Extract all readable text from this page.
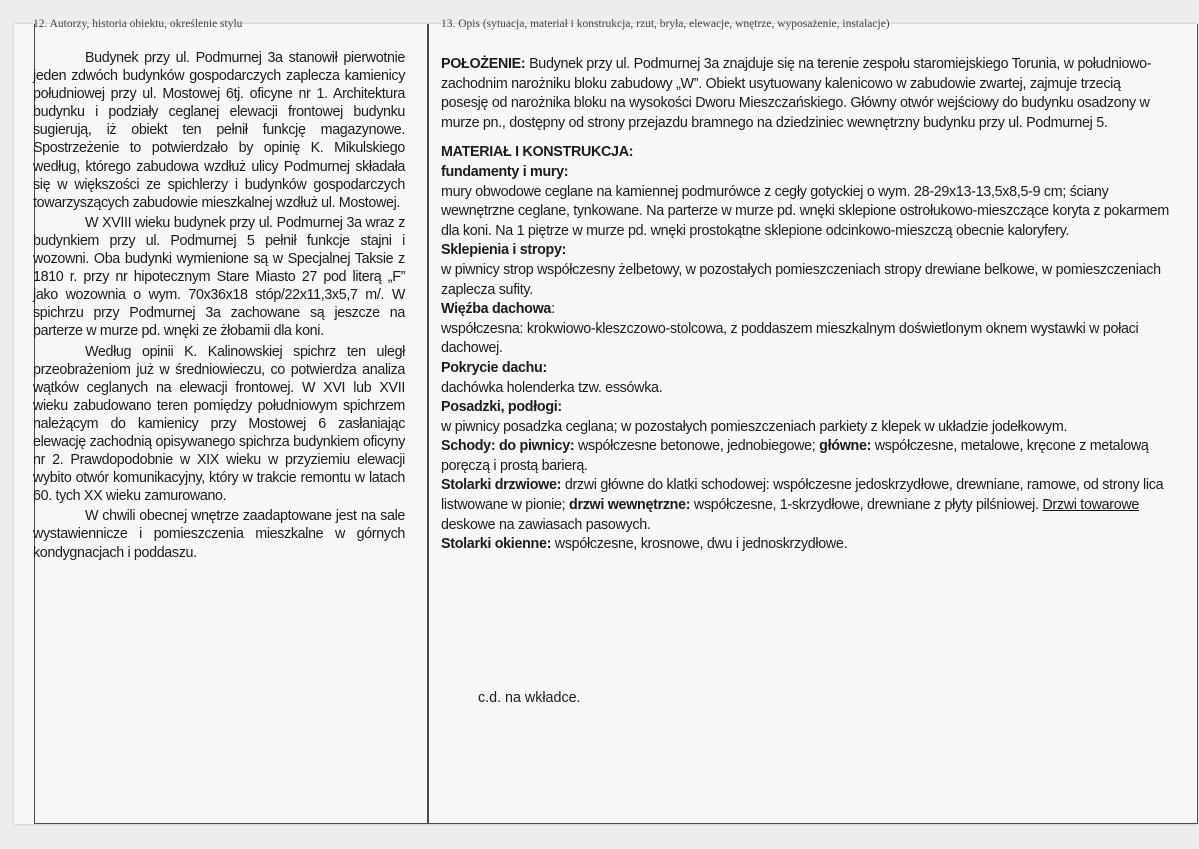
12. Autorzy, historia obiektu, określenie stylu	13. Opis (sytuacja, materiał i konstrukcja, rzut, bryła, elewacje, wnętrze, wyposażenie, instalacje)

Budynek przy ul. Podmurnej 3a stanowił pierwotnie jeden zdwóch budynków gospodarczych zaplecza kamienicy południowej przy ul. Mostowej 6tj. oficyne nr 1. Architektura budynku i podziały ceglanej elewacji frontowej budynku sugierują, iż obiekt ten pełnił funkcję magazynowe. Spostrzeżenie to potwierdzało by opinię K. Mikulskiego według, którego zabudowa wzdłuż ulicy Podmurnej składała się w większości ze spichlerzy i budynków gospodarczych towarzyszących zabudowie mieszkalnej wzdłuż ul. Mostowej.

W XVIII wieku budynek przy ul. Podmurnej 3a wraz z budynkiem przy ul. Podmurnej 5 pełnił funkcje stajni i wozowni. Oba budynki wymienione są w Specjalnej Taksie z 1810 r. przy nr hipotecznym Stare Miasto 27 pod literą „F” jako wozownia o wym. 70x36x18 stóp/22x11,3x5,7 m/. W spichrzu przy Podmurnej 3a zachowane są jeszcze na parterze w murze pd. wnęki ze żłobamii dla koni.

Według opinii K. Kalinowskiej spichrz ten uległ przeobrażeniom już w średniowieczu, co potwierdza analiza wątków ceglanych na elewacji frontowej. W XVI lub XVII wieku zabudowano teren pomiędzy południowym spichrzem należącym do kamienicy przy Mostowej 6 zasłaniając elewację zachodnią opisywanego spichrza budynkiem oficyny nr 2. Prawdopodobnie w XIX wieku w przyziemiu elewacji wybito otwór komunikacyjny, który w trakcie remontu w latach 60. tych XX wieku zamurowano.

W chwili obecnej wnętrze zaadaptowane jest na sale wystawiennicze i pomieszczenia mieszkalne w górnych kondygnacjach i poddaszu.

POŁOŻENIE: Budynek przy ul. Podmurnej 3a znajduje się na terenie zespołu staromiejskiego Torunia, w południowo-zachodnim narożniku bloku zabudowy „W”. Obiekt usytuowany kalenicowo w zabudowie zwartej, zajmuje trzecią posesję od narożnika bloku na wysokości Dworu Mieszczańskiego. Główny otwór wejściowy do budynku osadzony w murze pn., dostępny od strony przejazdu bramnego na dziedziniec wewnętrzny budynku przy ul. Podmurnej 5.

MATERIAŁ I KONSTRUKCJA:

fundamenty i mury:

mury obwodowe ceglane na kamiennej podmurówce z cegły gotyckiej o wym. 28-29x13-13,5x8,5-9 cm; ściany wewnętrzne ceglane, tynkowane. Na parterze w murze pd. wnęki sklepione ostrołukowo-mieszczące koryta z pokarmem dla koni. Na 1 piętrze w murze pd. wnęki prostokątne sklepione odcinkowo-mieszczą obecnie kaloryfery.

Sklepienia i stropy:

w piwnicy strop współczesny żelbetowy, w pozostałych pomieszczeniach stropy drewiane belkowe, w pomieszczeniach zaplecza sufity.

Więźba dachowa:

współczesna: krokwiowo-kleszczowo-stolcowa, z poddaszem mieszkalnym doświetlonym oknem wystawki w połaci dachowej.

Pokrycie dachu:

dachówka holenderka tzw. essówka.

Posadzki, podłogi:

w piwnicy posadzka ceglana; w pozostałych pomieszczeniach parkiety z klepek w układzie jodełkowym.

Schody: do piwnicy: współczesne betonowe, jednobiegowe; główne: współczesne, metalowe, kręcone z metalową poręczą i prostą barierą.

Stolarki drzwiowe: drzwi główne do klatki schodowej: współczesne jedoskrzydłowe, drewniane, ramowe, od strony lica listwowane w pionie; drzwi wewnętrzne: współczesne, 1-skrzydłowe, drewniane z płyty pilśniowej. Drzwi towarowe deskowe na zawiasach pasowych.

Stolarki okienne: współczesne, krosnowe, dwu i jednoskrzydłowe.

c.d. na wkładce.
